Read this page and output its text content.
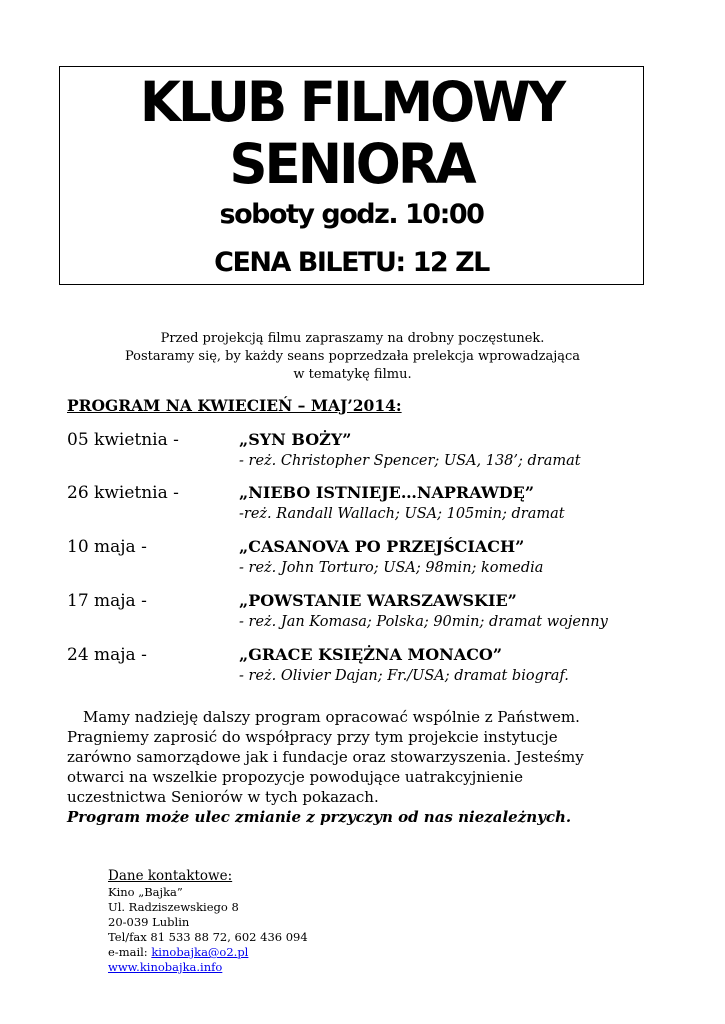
KLUB FILMOWY
SENIORA
soboty godz. 10:00
CENA BILETU: 12 ZL
Przed projekcją filmu zapraszamy na drobny poczęstunek.
Postaramy się, by każdy seans poprzedzała prelekcja wprowadzająca
w tematykę filmu.
PROGRAM NA KWIECIEŃ – MAJ’2014:
05 kwietnia -	„SYN BOŻY”
- reż. Christopher Spencer; USA, 138’; dramat
26 kwietnia -	„NIEBO ISTNIEJE…NAPRAWDĘ”
-reż. Randall Wallach; USA; 105min; dramat
10 maja -	„CASANOVA PO PRZEJŚCIACH”
- reż. John Torturo; USA; 98min; komedia
17 maja -	„POWSTANIE WARSZAWSKIE”
- reż. Jan Komasa; Polska; 90min; dramat wojenny
24 maja -	„GRACE KSIĘŻNA MONACO”
- reż. Olivier Dajan; Fr./USA; dramat biograf.

Mamy nadzieję dalszy program opracować wspólnie z Państwem.

Pragniemy zaprosić do współpracy przy tym projekcie instytucje

zarówno samorządowe jak i fundacje oraz stowarzyszenia. Jesteśmy

otwarci na wszelkie propozycje powodujące uatrakcyjnienie

uczestnictwa Seniorów w tych pokazach.

Program może ulec zmianie z przyczyn od nas niezależnych.

Dane kontaktowe:
Kino „Bajka”
Ul. Radziszewskiego 8
20-039 Lublin
Tel/fax 81 533 88 72, 602 436 094
e-mail: kinobajka@o2.pl
www.kinobajka.info
